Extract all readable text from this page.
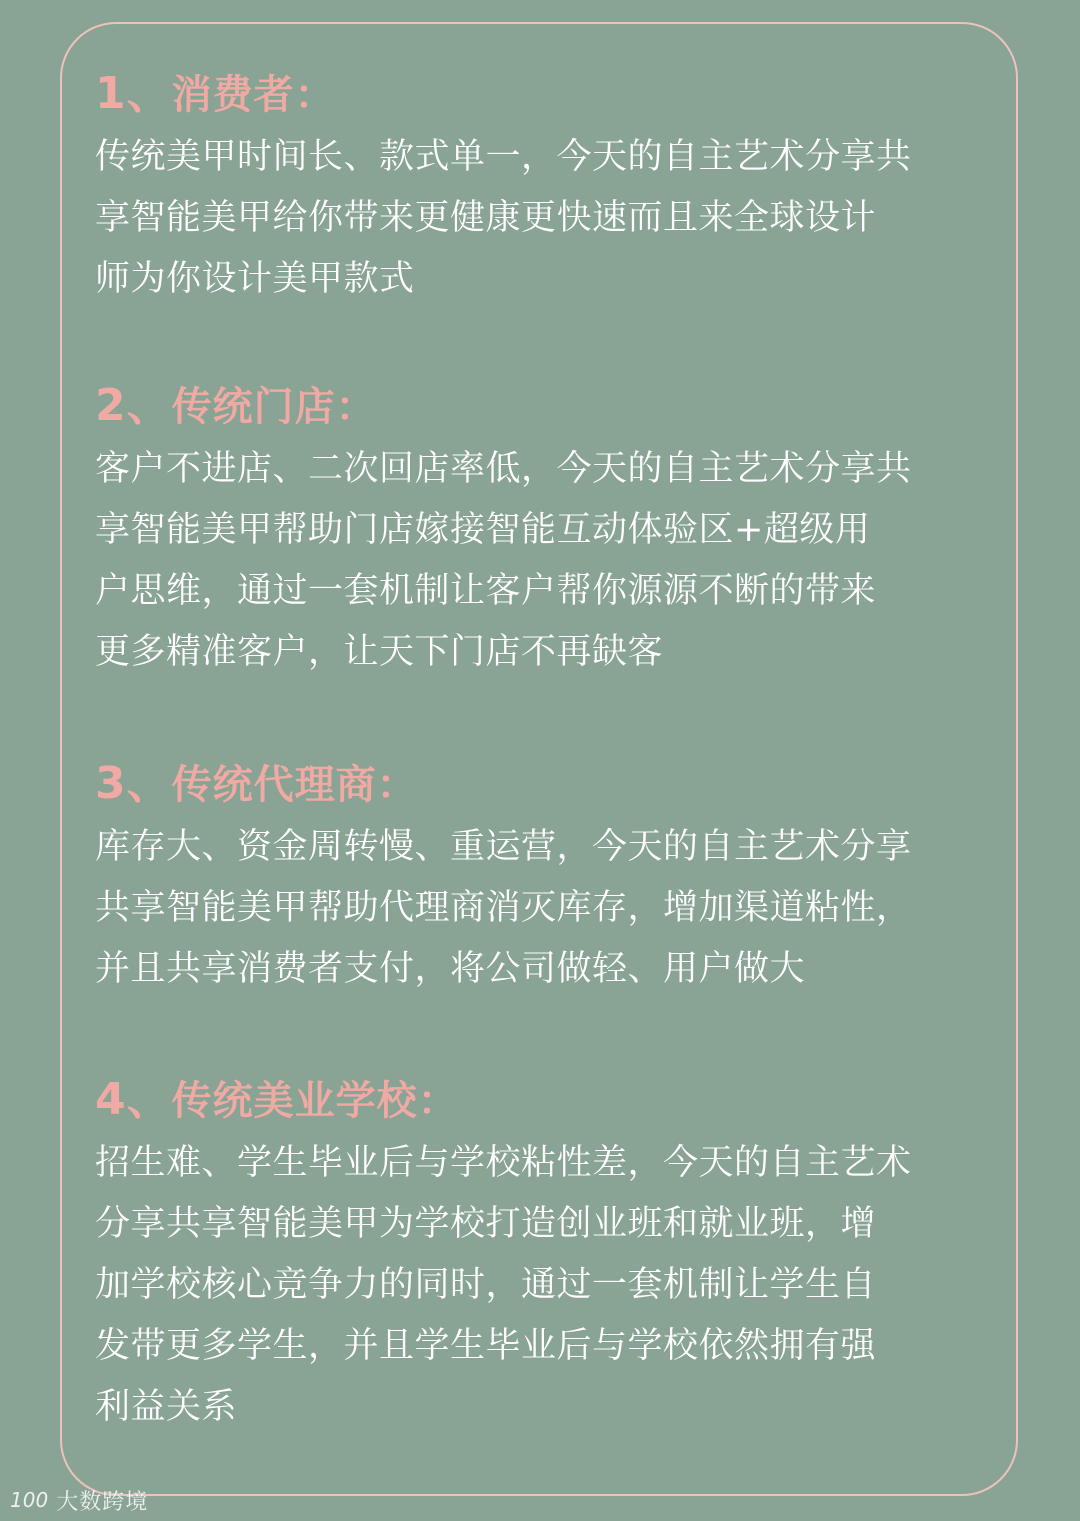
1、消费者：
传统美甲时间长、款式单一，今天的自主艺术分享共
享智能美甲给你带来更健康更快速而且来全球设计
师为你设计美甲款式
2、传统门店：
客户不进店、二次回店率低，今天的自主艺术分享共
享智能美甲帮助门店嫁接智能互动体验区+超级用
户思维，通过一套机制让客户帮你源源不断的带来
更多精准客户，让天下门店不再缺客
3、传统代理商：
库存大、资金周转慢、重运营，今天的自主艺术分享
共享智能美甲帮助代理商消灭库存，增加渠道粘性，
并且共享消费者支付，将公司做轻、用户做大
4、传统美业学校：
招生难、学生毕业后与学校粘性差，今天的自主艺术
分享共享智能美甲为学校打造创业班和就业班，增
加学校核心竞争力的同时，通过一套机制让学生自
发带更多学生，并且学生毕业后与学校依然拥有强
利益关系
100 大数跨境
